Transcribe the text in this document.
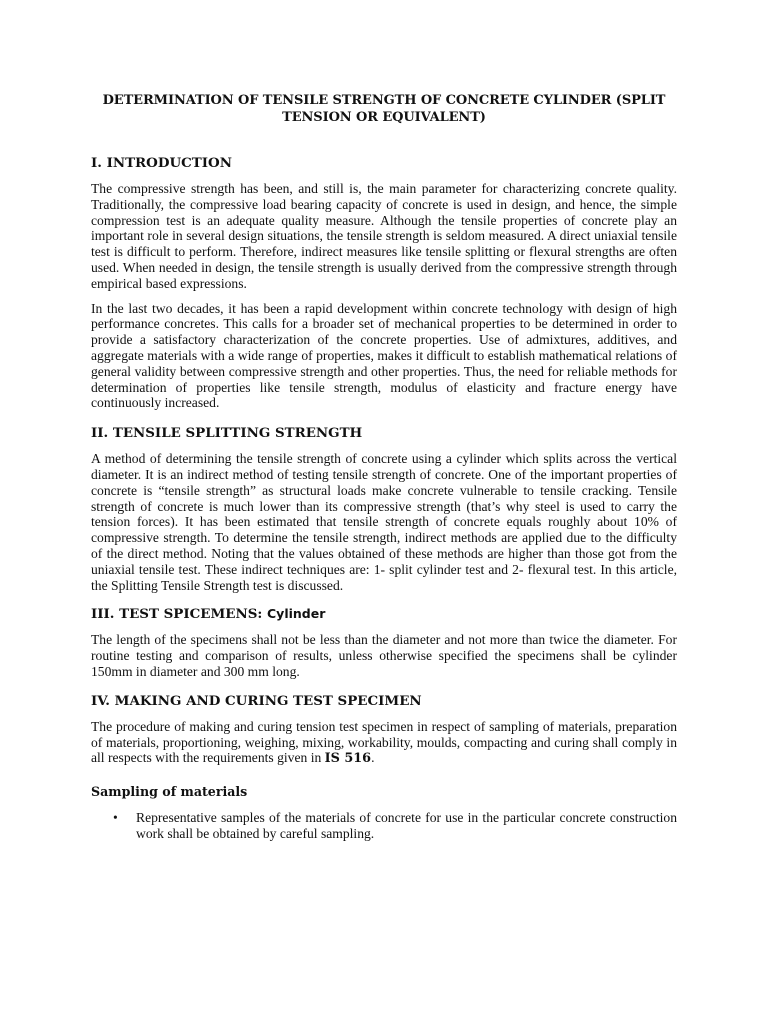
DETERMINATION OF TENSILE STRENGTH OF CONCRETE CYLINDER (SPLIT TENSION OR EQUIVALENT)
I. INTRODUCTION

The compressive strength has been, and still is, the main parameter for characterizing concrete quality. Traditionally, the compressive load bearing capacity of concrete is used in design, and hence, the simple compression test is an adequate quality measure. Although the tensile properties of concrete play an important role in several design situations, the tensile strength is seldom measured. A direct uniaxial tensile test is difficult to perform. Therefore, indirect measures like tensile splitting or flexural strengths are often used. When needed in design, the tensile strength is usually derived from the compressive strength through empirical based expressions.

In the last two decades, it has been a rapid development within concrete technology with design of high performance concretes. This calls for a broader set of mechanical properties to be determined in order to provide a satisfactory characterization of the concrete properties. Use of admixtures, additives, and aggregate materials with a wide range of properties, makes it difficult to establish mathematical relations of general validity between compressive strength and other properties. Thus, the need for reliable methods for determination of properties like tensile strength, modulus of elasticity and fracture energy have continuously increased.

II. TENSILE SPLITTING STRENGTH

A method of determining the tensile strength of concrete using a cylinder which splits across the vertical diameter. It is an indirect method of testing tensile strength of concrete. One of the important properties of concrete is “tensile strength” as structural loads make concrete vulnerable to tensile cracking. Tensile strength of concrete is much lower than its compressive strength (that’s why steel is used to carry the tension forces). It has been estimated that tensile strength of concrete equals roughly about 10% of compressive strength. To determine the tensile strength, indirect methods are applied due to the difficulty of the direct method. Noting that the values obtained of these methods are higher than those got from the uniaxial tensile test. These indirect techniques are: 1- split cylinder test and 2- flexural test. In this article, the Splitting Tensile Strength test is discussed.

III. TEST SPICEMENS: Cylinder

The length of the specimens shall not be less than the diameter and not more than twice the diameter. For routine testing and comparison of results, unless otherwise specified the specimens shall be cylinder 150mm in diameter and 300 mm long.

IV. MAKING AND CURING TEST SPECIMEN

The procedure of making and curing tension test specimen in respect of sampling of materials, preparation of materials, proportioning, weighing, mixing, workability, moulds, compacting and curing shall comply in all respects with the requirements given in IS 516.

Sampling of materials
• Representative samples of the materials of concrete for use in the particular concrete construction work shall be obtained by careful sampling.
